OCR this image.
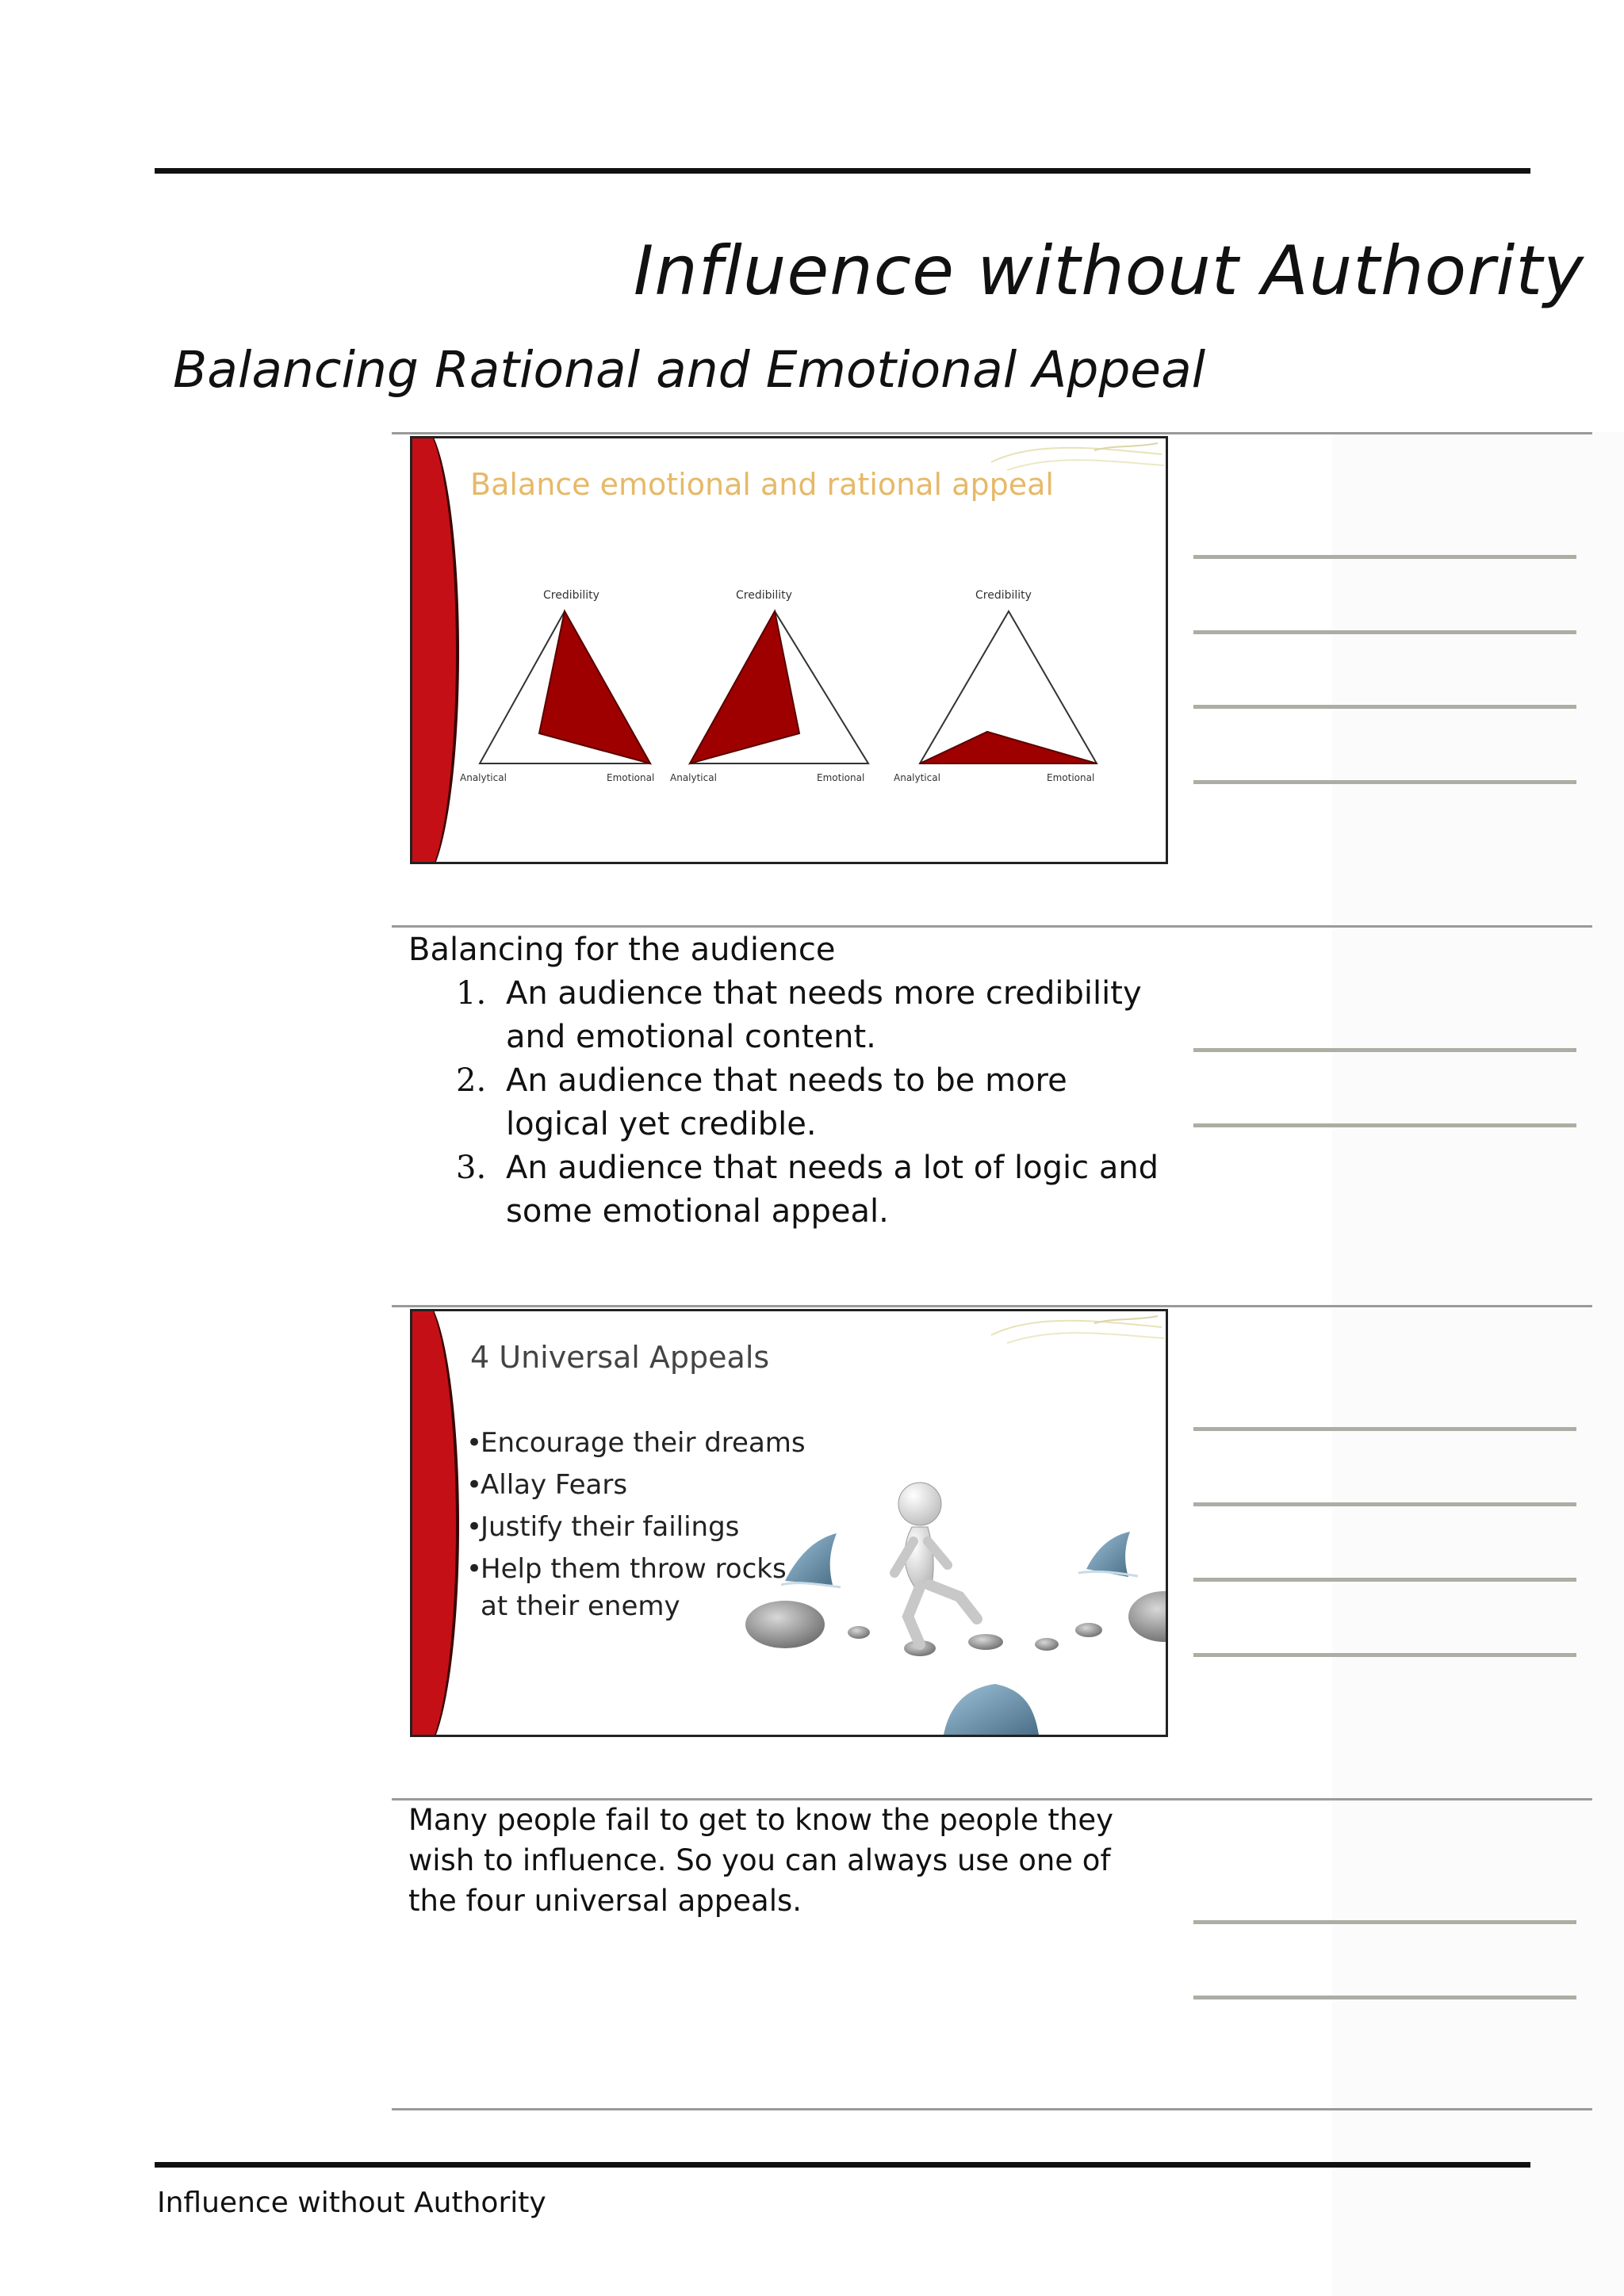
Influence without Authority
Balancing Rational and Emotional Appeal
Balance emotional and rational appeal
Credibility
Analytical	Emotional
Credibility
Analytical	Emotional
Credibility
Analytical	Emotional

Balancing for the audience

1. An audience that needs more credibility and emotional content.
2. An audience that needs to be more logical yet credible.
3. An audience that needs a lot of logic and some emotional appeal.
4 Universal Appeals
•Encourage their dreams
•Allay Fears
•Justify their failings
•Help them throw rocks
at their enemy

Many people fail to get to know the people they wish to influence. So you can always use one of the four universal appeals.

Influence without Authority
